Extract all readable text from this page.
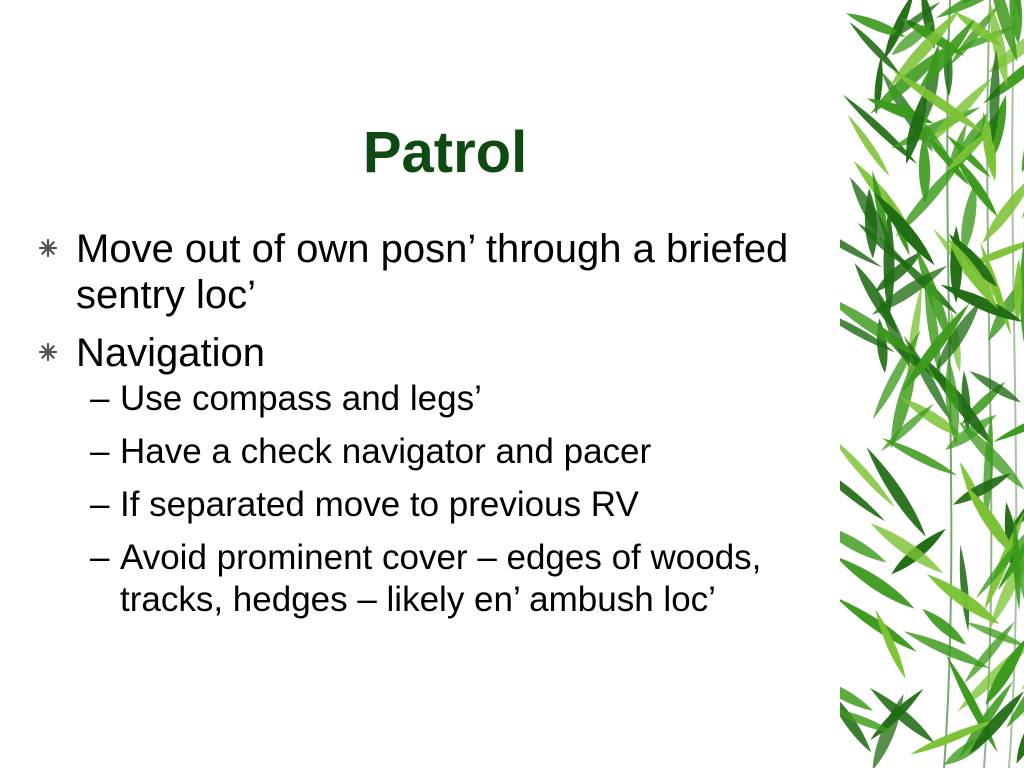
Patrol
Move out of own posn’ through a briefed sentry loc’
Navigation
– Use compass and legs’
– Have a check navigator and pacer
– If separated move to previous RV
– Avoid prominent cover – edges of woods, tracks, hedges – likely en’ ambush loc’
